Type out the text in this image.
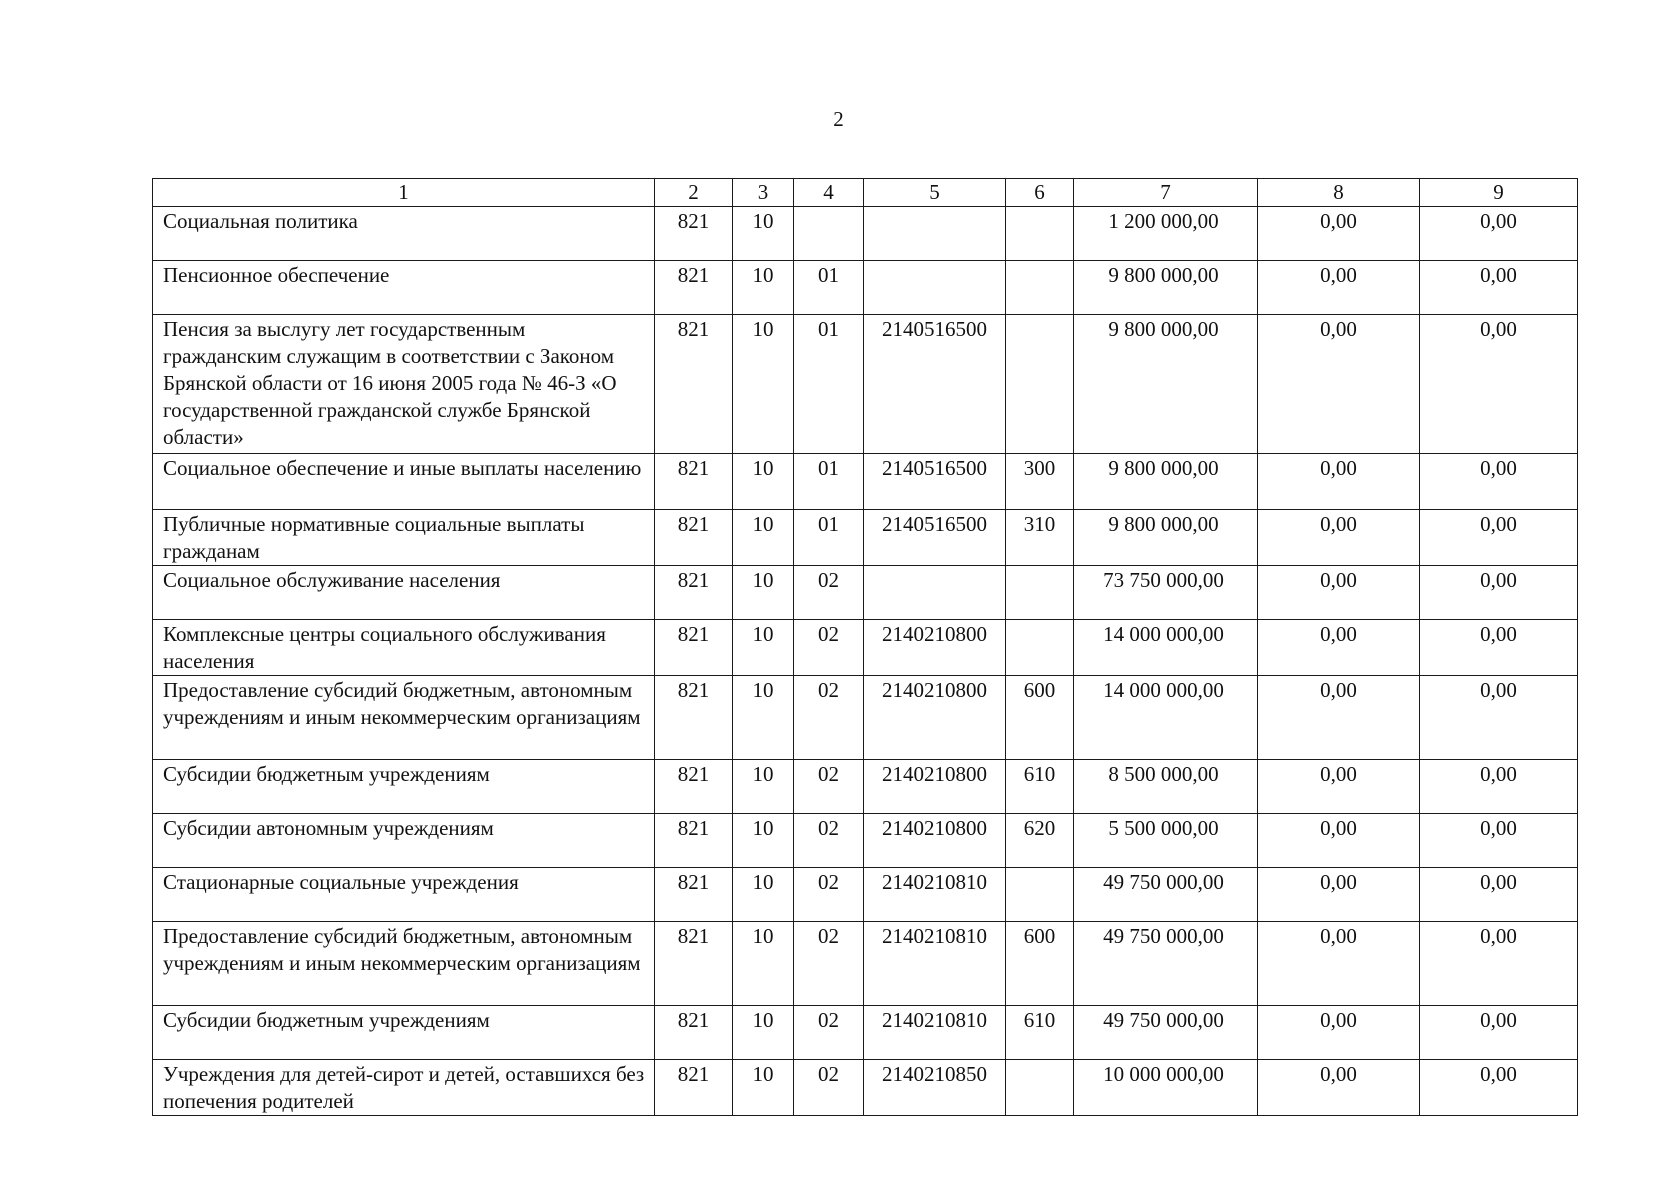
2
1	2	3	4	5	6	7	8	9
Социальная политика	821	10				1 200 000,00	0,00	0,00
Пенсионное обеспечение	821	10	01			9 800 000,00	0,00	0,00
Пенсия за выслугу лет государственным гражданским служащим в соответствии с Законом Брянской области от 16 июня 2005 года № 46-З «О государственной гражданской службе Брянской области»	821	10	01	2140516500		9 800 000,00	0,00	0,00
Социальное обеспечение и иные выплаты населению	821	10	01	2140516500	300	9 800 000,00	0,00	0,00
Публичные нормативные социальные выплаты гражданам	821	10	01	2140516500	310	9 800 000,00	0,00	0,00
Социальное обслуживание населения	821	10	02			73 750 000,00	0,00	0,00
Комплексные центры социального обслуживания населения	821	10	02	2140210800		14 000 000,00	0,00	0,00
Предоставление субсидий бюджетным, автономным учреждениям и иным некоммерческим организациям	821	10	02	2140210800	600	14 000 000,00	0,00	0,00
Субсидии бюджетным учреждениям	821	10	02	2140210800	610	8 500 000,00	0,00	0,00
Субсидии автономным учреждениям	821	10	02	2140210800	620	5 500 000,00	0,00	0,00
Стационарные социальные учреждения	821	10	02	2140210810		49 750 000,00	0,00	0,00
Предоставление субсидий бюджетным, автономным учреждениям и иным некоммерческим организациям	821	10	02	2140210810	600	49 750 000,00	0,00	0,00
Субсидии бюджетным учреждениям	821	10	02	2140210810	610	49 750 000,00	0,00	0,00
Учреждения для детей-сирот и детей, оставшихся без попечения родителей	821	10	02	2140210850		10 000 000,00	0,00	0,00
